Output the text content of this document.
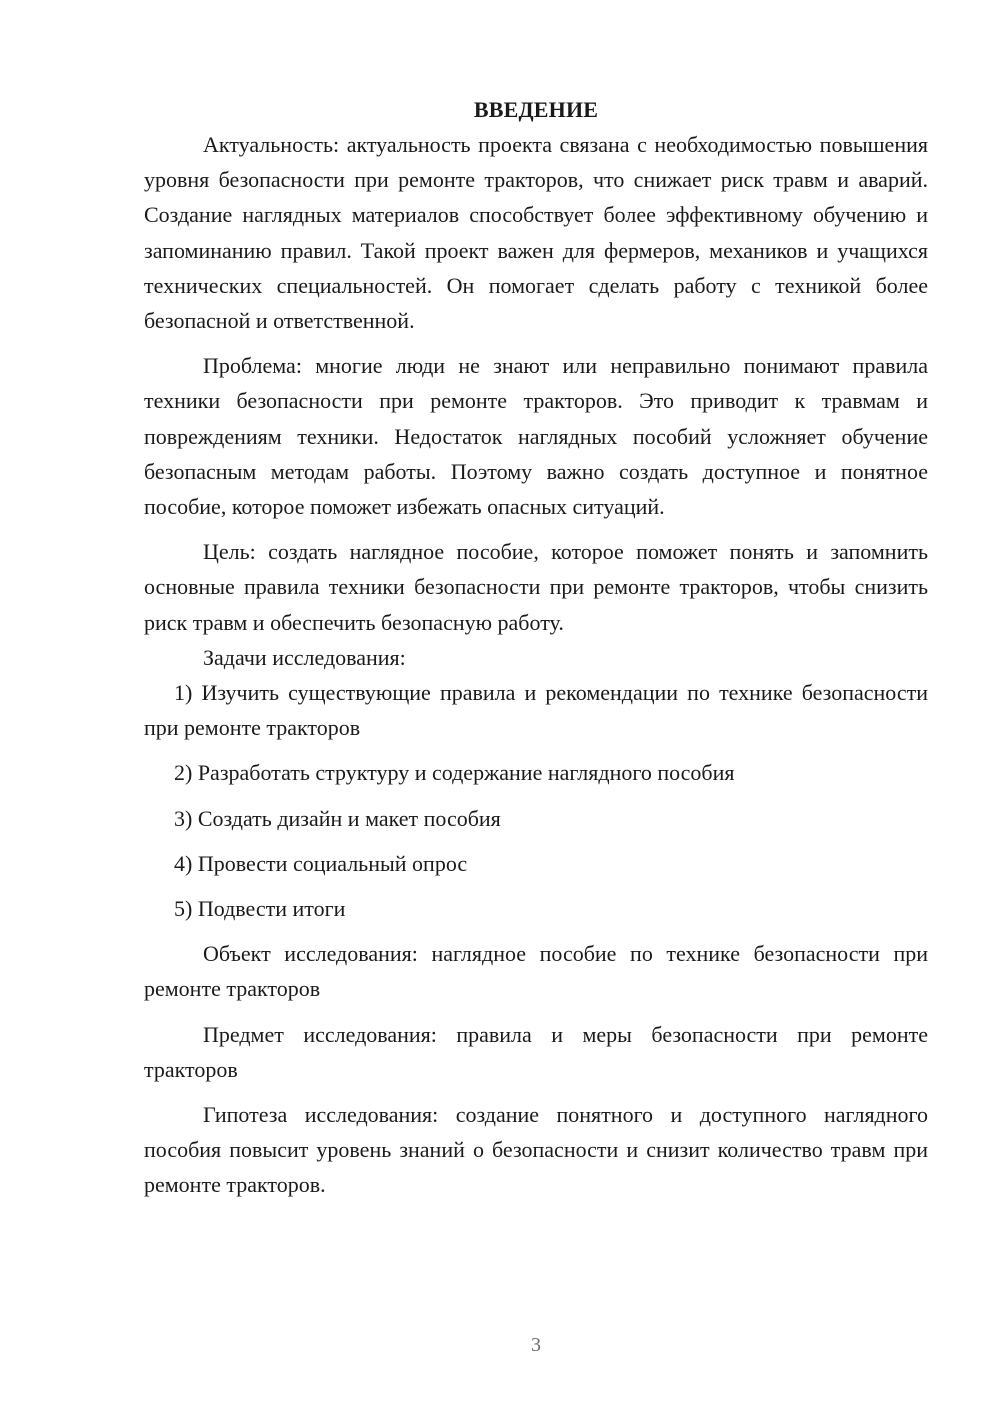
ВВЕДЕНИЕ

Актуальность: актуальность проекта связана с необходимостью повышения уровня безопасности при ремонте тракторов, что снижает риск травм и аварий. Создание наглядных материалов способствует более эффективному обучению и запоминанию правил. Такой проект важен для фермеров, механиков и учащихся технических специальностей. Он помогает сделать работу с техникой более безопасной и ответственной.

Проблема: многие люди не знают или неправильно понимают правила техники безопасности при ремонте тракторов. Это приводит к травмам и повреждениям техники. Недостаток наглядных пособий усложняет обучение безопасным методам работы. Поэтому важно создать доступное и понятное пособие, которое поможет избежать опасных ситуаций.

Цель: создать наглядное пособие, которое поможет понять и запомнить основные правила техники безопасности при ремонте тракторов, чтобы снизить риск травм и обеспечить безопасную работу.

Задачи исследования:

1) Изучить существующие правила и рекомендации по технике безопасности при ремонте тракторов

2) Разработать структуру и содержание наглядного пособия

3) Создать дизайн и макет пособия

4) Провести социальный опрос

5) Подвести итоги

Объект исследования: наглядное пособие по технике безопасности при ремонте тракторов

Предмет исследования: правила и меры безопасности при ремонте тракторов

Гипотеза исследования: создание понятного и доступного наглядного пособия повысит уровень знаний о безопасности и снизит количество травм при ремонте тракторов.

3
